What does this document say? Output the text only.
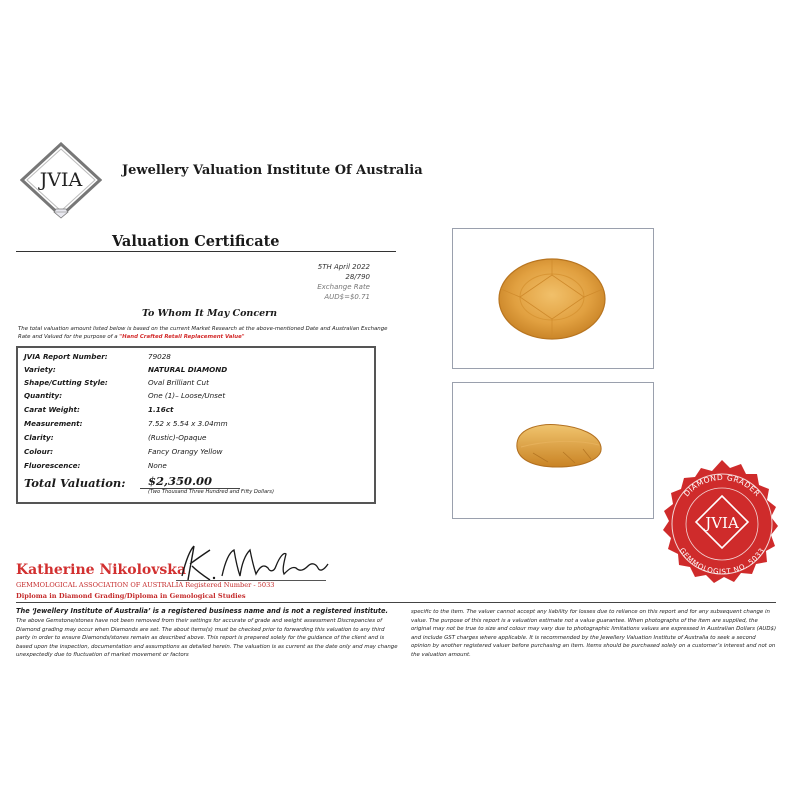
JVIA	Jewellery Valuation Institute Of Australia
Valuation Certificate
5TH April 2022
28/790
Exchange Rate
AUD$=$0.71
To Whom It May Concern
The total valuation amount listed below is based on the current Market Research at the above-mentioned Date and Australian Exchange Rate and Valued for the purpose of a "Hand Crafted Retail Replacement Value"
JVIA Report Number:	79028
Variety:	NATURAL DIAMOND
Shape/Cutting Style:	Oval Brilliant Cut
Quantity:	One (1)– Loose/Unset
Carat Weight:	1.16ct
Measurement:	7.52 x 5.54 x 3.04mm
Clarity:	(Rustic)-Opaque
Colour:	Fancy Orangy Yellow
Fluorescence:	None
Total Valuation: $2,350.00
(Two Thousand Three Hundred and Fifty Dollars)
Katherine Nikolovska
GEMMOLOGICAL ASSOCIATION OF AUSTRALIA Registered Number - 5033
Diploma in Diamond Grading/Diploma in Gemological Studies
The ‘Jewellery Institute of Australia’ is a registered business name and is not a registered institute.
The above Gemstone/stones have not been removed from their settings for accurate of grade and weight assessment Discrepancies of Diamond grading may occur when Diamonds are set. The about items(s) must be checked prior to forwarding this valuation to any third party in order to ensure Diamonds/stones remain as described above. This report is prepared solely for the guidance of the client and is based upon the inspection, documentation and assumptions as detailed herein. The valuation is as current as the date only and may change unexpectedly due to fluctuation of market movement or factors
specific to the item. The valuer cannot accept any liability for losses due to reliance on this report and for any subsequent change in value. The purpose of this report is a valuation estimate not a value guarantee. When photographs of the item are supplied, the original may not be true to size and colour may vary due to photographic limitations values are expressed in Australian Dollars (AUD$) and include GST charges where applicable. It is recommended by the Jewellery Valuation Institute of Australia to seek a second opinion by another registered valuer before purchasing an item. Items should be purchased solely on a customer’s interest and not on the valuation amount.
DIAMOND GRADER
GEMMOLOGIST NO. 5033
JVIA
